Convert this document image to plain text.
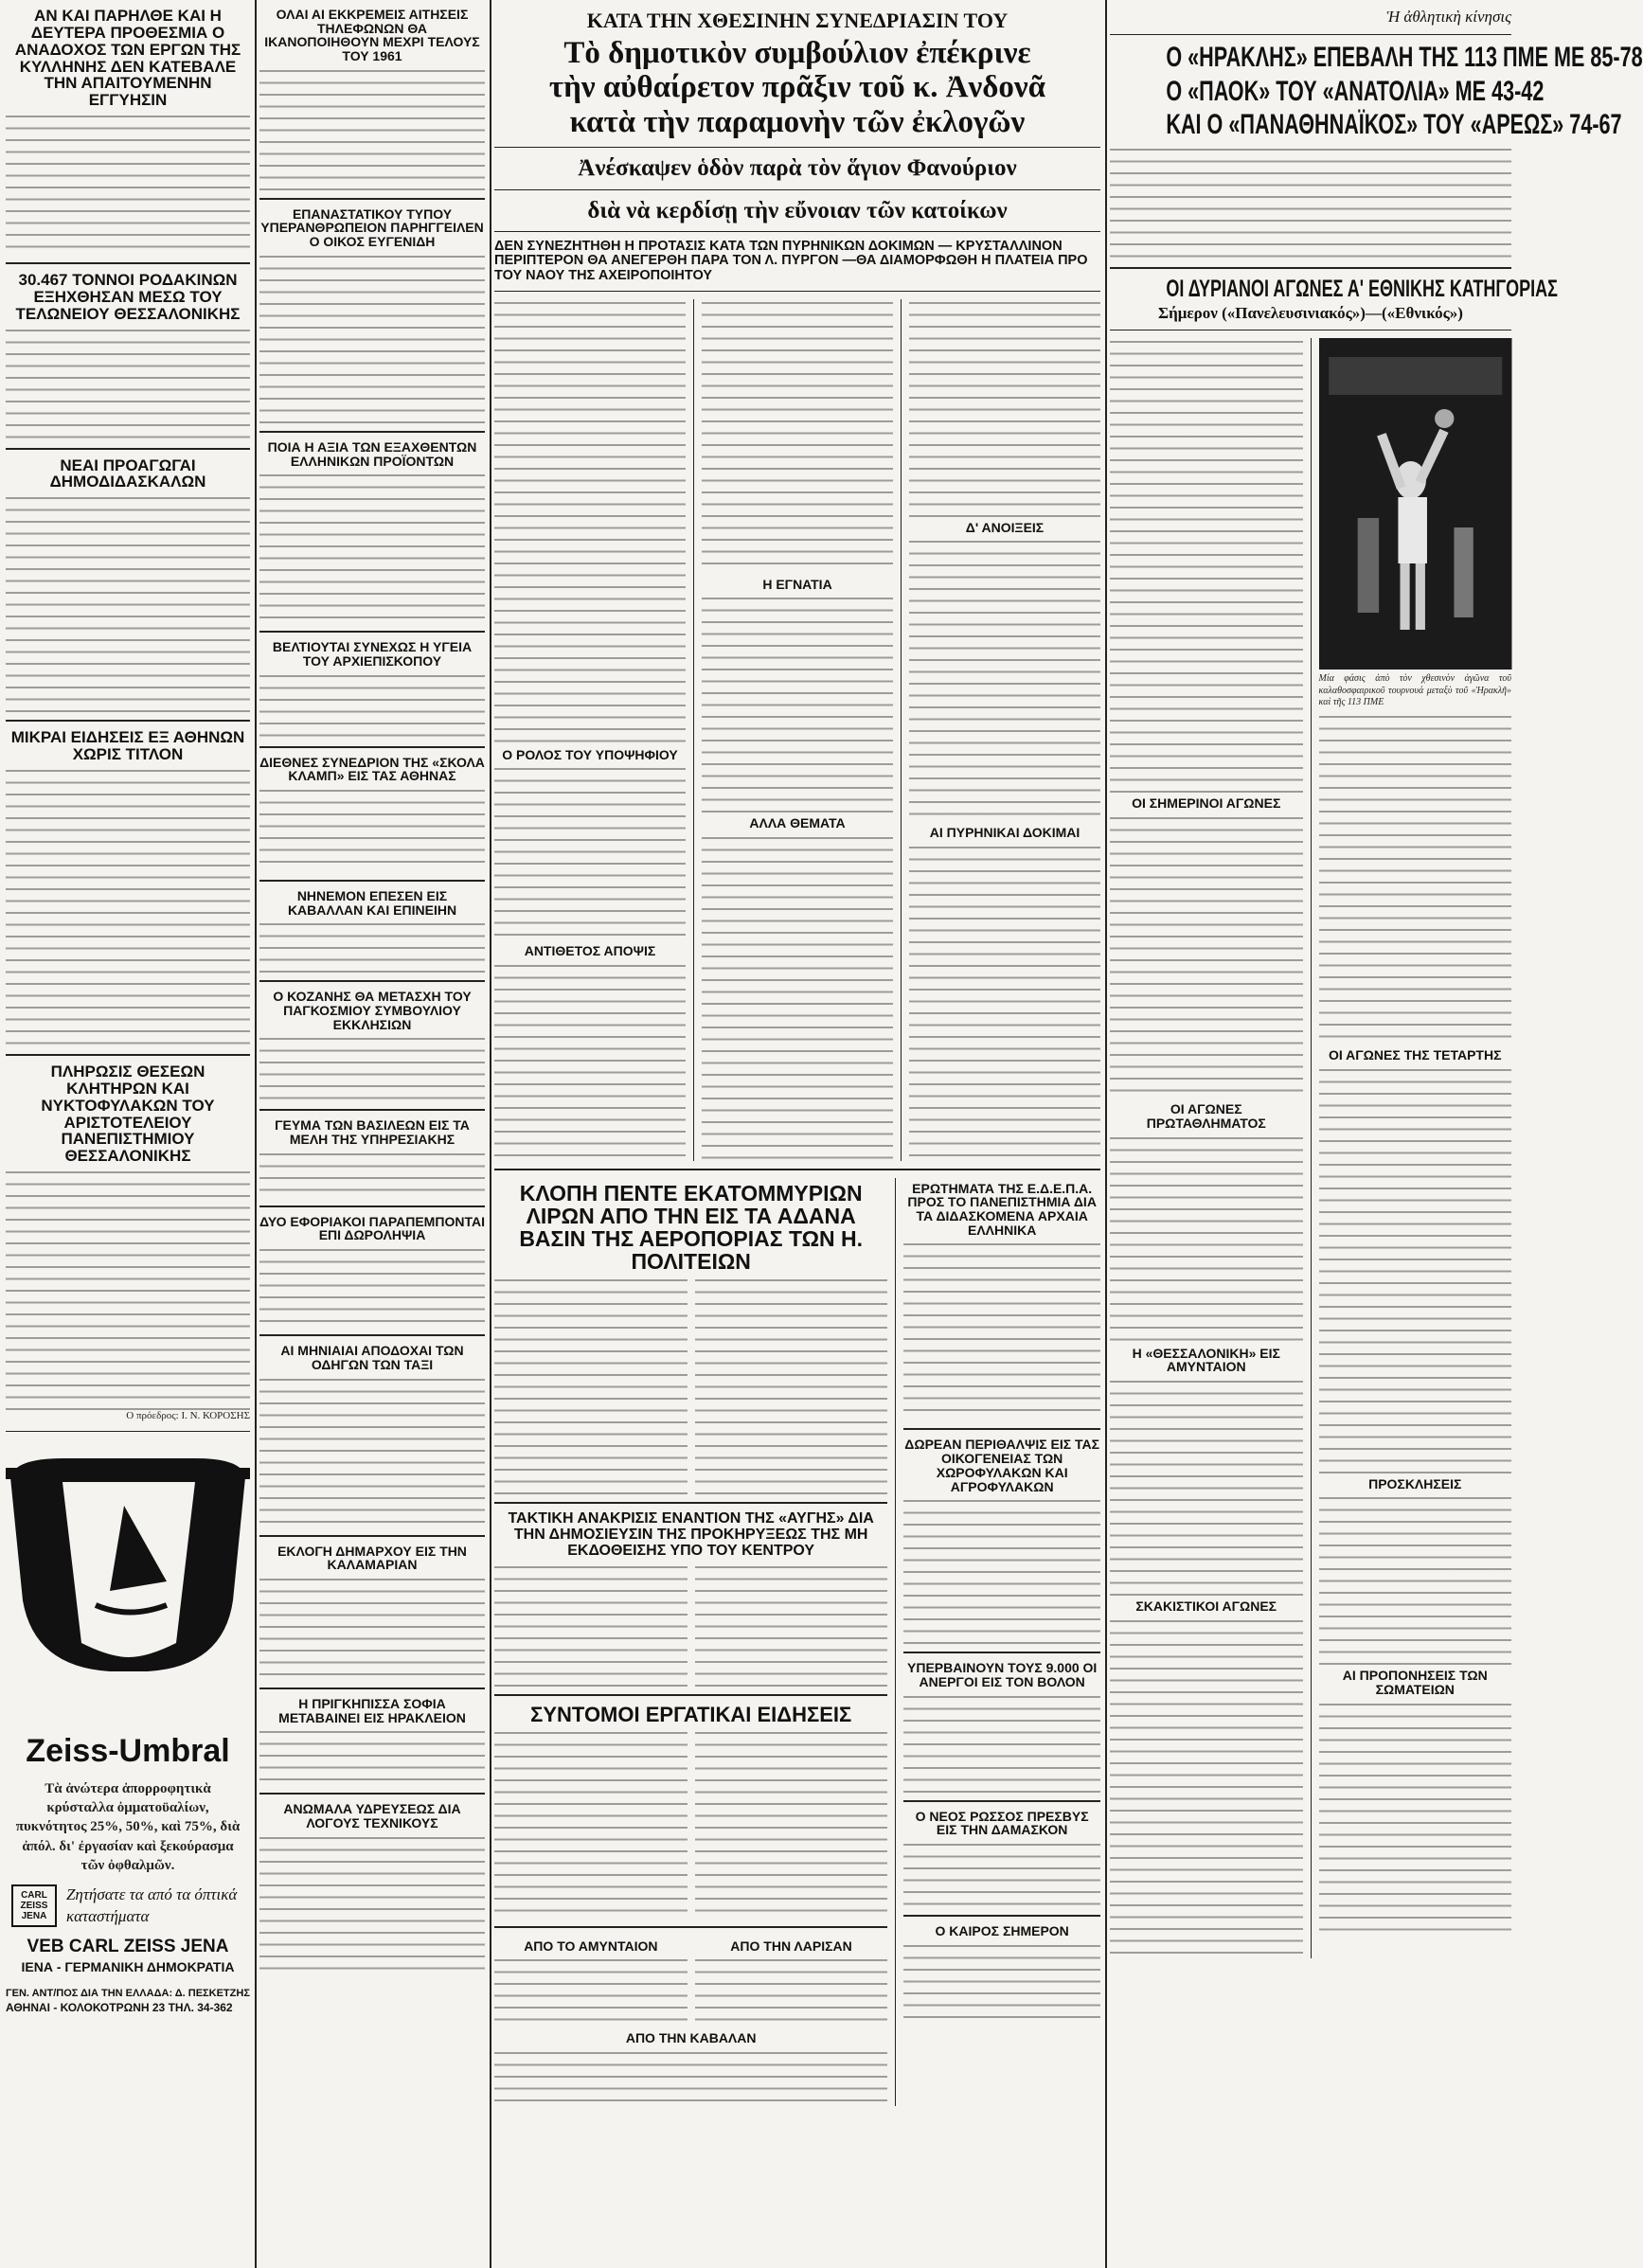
ΑΝ ΚΑΙ ΠΑΡΗΛΘΕ ΚΑΙ Η ΔΕΥΤΕΡΑ ΠΡΟΘΕΣΜΙΑ Ο ΑΝΑΔΟΧΟΣ ΤΩΝ ΕΡΓΩΝ ΤΗΣ ΚΥΛΛΗΝΗΣ ΔΕΝ ΚΑΤΕΒΑΛΕ ΤΗΝ ΑΠΑΙΤΟΥΜΕΝΗΝ ΕΓΓΥΗΣΙΝ
30.467 ΤΟΝΝΟΙ ΡΟΔΑΚΙΝΩΝ ΕΞΗΧΘΗΣΑΝ ΜΕΣΩ ΤΟΥ ΤΕΛΩΝΕΙΟΥ ΘΕΣΣΑΛΟΝΙΚΗΣ
ΝΕΑΙ ΠΡΟΑΓΩΓΑΙ ΔΗΜΟΔΙΔΑΣΚΑΛΩΝ
ΜΙΚΡΑΙ ΕΙΔΗΣΕΙΣ ΕΞ ΑΘΗΝΩΝ ΧΩΡΙΣ ΤΙΤΛΟΝ
ΠΛΗΡΩΣΙΣ ΘΕΣΕΩΝ ΚΛΗΤΗΡΩΝ ΚΑΙ ΝΥΚΤΟΦΥΛΑΚΩΝ ΤΟΥ ΑΡΙΣΤΟΤΕΛΕΙΟΥ ΠΑΝΕΠΙΣΤΗΜΙΟΥ ΘΕΣΣΑΛΟΝΙΚΗΣ
Ο πρόεδρος: Ι. Ν. ΚΟΡΟΣΗΣ
Zeiss-Umbral
Τὰ ἀνώτερα ἀπορροφητικὰ κρύσταλλα ὀμματοϋαλίων, πυκνότητος 25%, 50%, καὶ 75%, διὰ ἀπόλ. δι' ἐργασίαν καὶ ξεκούρασμα τῶν ὀφθαλμῶν.
CARL ZEISS JENA
Ζητήσατε τα από τα όπτικά καταστήματα
VEB CARL ZEISS JENA
ΙΕΝΑ - ΓΕΡΜΑΝΙΚΗ ΔΗΜΟΚΡΑΤΙΑ
ΓΕΝ. ΑΝΤ/ΠΟΣ ΔΙΑ ΤΗΝ ΕΛΛΑΔΑ: Δ. ΠΕΣΚΕΤΖΗΣ
ΑΘΗΝΑΙ - ΚΟΛΟΚΟΤΡΩΝΗ 23 ΤΗΛ. 34-362
ΟΛΑΙ ΑΙ ΕΚΚΡΕΜΕΙΣ ΑΙΤΗΣΕΙΣ ΤΗΛΕΦΩΝΩΝ ΘΑ ΙΚΑΝΟΠΟΙΗΘΟΥΝ ΜΕΧΡΙ ΤΕΛΟΥΣ ΤΟΥ 1961
ΕΠΑΝΑΣΤΑΤΙΚΟΥ ΤΥΠΟΥ ΥΠΕΡΑΝΘΡΩΠΕΙΟΝ ΠΑΡΗΓΓΕΙΛΕΝ Ο ΟΙΚΟΣ ΕΥΓΕΝΙΔΗ
ΠΟΙΑ Η ΑΞΙΑ ΤΩΝ ΕΞΑΧΘΕΝΤΩΝ ΕΛΛΗΝΙΚΩΝ ΠΡΟΪΟΝΤΩΝ
ΒΕΛΤΙΟΥΤΑΙ ΣΥΝΕΧΩΣ Η ΥΓΕΙΑ ΤΟΥ ΑΡΧΙΕΠΙΣΚΟΠΟΥ
ΔΙΕΘΝΕΣ ΣΥΝΕΔΡΙΟΝ ΤΗΣ «ΣΚΟΛΑ ΚΛΑΜΠ» ΕΙΣ ΤΑΣ ΑΘΗΝΑΣ
ΝΗΝΕΜΟΝ ΕΠΕΣΕΝ ΕΙΣ ΚΑΒΑΛΛΑΝ ΚΑΙ ΕΠΙΝΕΙΗΝ
Ο ΚΟΖΑΝΗΣ ΘΑ ΜΕΤΑΣΧΗ ΤΟΥ ΠΑΓΚΟΣΜΙΟΥ ΣΥΜΒΟΥΛΙΟΥ ΕΚΚΛΗΣΙΩΝ
ΓΕΥΜΑ ΤΩΝ ΒΑΣΙΛΕΩΝ ΕΙΣ ΤΑ ΜΕΛΗ ΤΗΣ ΥΠΗΡΕΣΙΑΚΗΣ
ΔΥΟ ΕΦΟΡΙΑΚΟΙ ΠΑΡΑΠΕΜΠΟΝΤΑΙ ΕΠΙ ΔΩΡΟΛΗΨΙΑ
ΑΙ ΜΗΝΙΑΙΑΙ ΑΠΟΔΟΧΑΙ ΤΩΝ ΟΔΗΓΩΝ ΤΩΝ ΤΑΞΙ
ΕΚΛΟΓΗ ΔΗΜΑΡΧΟΥ ΕΙΣ ΤΗΝ ΚΑΛΑΜΑΡΙΑΝ
Η ΠΡΙΓΚΗΠΙΣΣΑ ΣΟΦΙΑ ΜΕΤΑΒΑΙΝΕΙ ΕΙΣ ΗΡΑΚΛΕΙΟΝ
ΑΝΩΜΑΛΑ ΥΔΡΕΥΣΕΩΣ ΔΙΑ ΛΟΓΟΥΣ ΤΕΧΝΙΚΟΥΣ
ΚΑΤΑ ΤΗΝ ΧΘΕΣΙΝΗΝ ΣΥΝΕΔΡΙΑΣΙΝ ΤΟΥ
Τὸ δημοτικὸν συμβούλιον ἐπέκρινε
τὴν αὐθαίρετον πρᾶξιν τοῦ κ. Ἀνδονᾶ
κατὰ τὴν παραμονὴν τῶν ἐκλογῶν
Ἀνέσκαψεν ὁδὸν παρὰ τὸν ἅγιον Φανούριον
διὰ νὰ κερδίσῃ τὴν εὔνοιαν τῶν κατοίκων
ΔΕΝ ΣΥΝΕΖΗΤΗΘΗ Η ΠΡΟΤΑΣΙΣ ΚΑΤΑ ΤΩΝ ΠΥΡΗΝΙΚΩΝ ΔΟΚΙΜΩΝ — ΚΡΥΣΤΑΛΛΙΝΟΝ ΠΕΡΙΠΤΕΡΟΝ ΘΑ ΑΝΕΓΕΡΘΗ ΠΑΡΑ ΤΟΝ Λ. ΠΥΡΓΟΝ —ΘΑ ΔΙΑΜΟΡΦΩΘΗ Η ΠΛΑΤΕΙΑ ΠΡΟ ΤΟΥ ΝΑΟΥ ΤΗΣ ΑΧΕΙΡΟΠΟΙΗΤΟΥ
Ο ΡΟΛΟΣ ΤΟΥ ΥΠΟΨΗΦΙΟΥ
ΑΝΤΙΘΕΤΟΣ ΑΠΟΨΙΣ
Η ΕΓΝΑΤΙΑ
ΑΛΛΑ ΘΕΜΑΤΑ
Δ' ΑΝΟΙΞΕΙΣ
ΑΙ ΠΥΡΗΝΙΚΑΙ ΔΟΚΙΜΑΙ
ΚΛΟΠΗ ΠΕΝΤΕ ΕΚΑΤΟΜΜΥΡΙΩΝ ΛΙΡΩΝ ΑΠΟ ΤΗΝ ΕΙΣ ΤΑ ΑΔΑΝΑ ΒΑΣΙΝ ΤΗΣ ΑΕΡΟΠΟΡΙΑΣ ΤΩΝ Η. ΠΟΛΙΤΕΙΩΝ
ΤΑΚΤΙΚΗ ΑΝΑΚΡΙΣΙΣ ΕΝΑΝΤΙΟΝ ΤΗΣ «ΑΥΓΗΣ» ΔΙΑ ΤΗΝ ΔΗΜΟΣΙΕΥΣΙΝ ΤΗΣ ΠΡΟΚΗΡΥΞΕΩΣ ΤΗΣ ΜΗ ΕΚΔΟΘΕΙΣΗΣ ΥΠΟ ΤΟΥ ΚΕΝΤΡΟΥ
ΣΥΝΤΟΜΟΙ ΕΡΓΑΤΙΚΑΙ ΕΙΔΗΣΕΙΣ
ΑΠΟ ΤΟ ΑΜΥΝΤΑΙΟΝ	ΑΠΟ ΤΗΝ ΛΑΡΙΣΑΝ
ΑΠΟ ΤΗΝ ΚΑΒΑΛΑΝ
ΕΡΩΤΗΜΑΤΑ ΤΗΣ Ε.Δ.Ε.Π.Α. ΠΡΟΣ ΤΟ ΠΑΝΕΠΙΣΤΗΜΙΑ ΔΙΑ ΤΑ ΔΙΔΑΣΚΟΜΕΝΑ ΑΡΧΑΙΑ ΕΛΛΗΝΙΚΑ
ΔΩΡΕΑΝ ΠΕΡΙΘΑΛΨΙΣ ΕΙΣ ΤΑΣ ΟΙΚΟΓΕΝΕΙΑΣ ΤΩΝ ΧΩΡΟΦΥΛΑΚΩΝ ΚΑΙ ΑΓΡΟΦΥΛΑΚΩΝ
ΥΠΕΡΒΑΙΝΟΥΝ ΤΟΥΣ 9.000 ΟΙ ΑΝΕΡΓΟΙ ΕΙΣ ΤΟΝ ΒΟΛΟΝ
Ο ΝΕΟΣ ΡΩΣΣΟΣ ΠΡΕΣΒΥΣ ΕΙΣ ΤΗΝ ΔΑΜΑΣΚΟΝ
Ο ΚΑΙΡΟΣ ΣΗΜΕΡΟΝ
Ἡ ἀθλητικὴ κίνησις
Ο «ΗΡΑΚΛΗΣ» ΕΠΕΒΑΛΗ ΤΗΣ 113 ΠΜΕ ΜΕ 85-78
Ο «ΠΑΟΚ» ΤΟΥ «ΑΝΑΤΟΛΙΑ» ΜΕ 43-42
ΚΑΙ Ο «ΠΑΝΑΘΗΝΑΪΚΟΣ» ΤΟΥ «ΑΡΕΩΣ» 74-67
ΟΙ ΔΥΡΙΑΝΟΙ ΑΓΩΝΕΣ Α' ΕΘΝΙΚΗΣ ΚΑΤΗΓΟΡΙΑΣ
Σήμερον («Πανελευσινιακός»)—(«Εθνικός»)
ΟΙ ΣΗΜΕΡΙΝΟΙ ΑΓΩΝΕΣ
ΟΙ ΑΓΩΝΕΣ ΠΡΩΤΑΘΛΗΜΑΤΟΣ
Η «ΘΕΣΣΑΛΟΝΙΚΗ» ΕΙΣ ΑΜΥΝΤΑΙΟΝ
ΣΚΑΚΙΣΤΙΚΟΙ ΑΓΩΝΕΣ
Μία φάσις ἀπὸ τὸν χθεσινὸν ἀγῶνα τοῦ καλαθοσφαιρικοῦ τουρνουά μεταξὺ τοῦ «Ἡρακλῆ» καὶ τῆς 113 ΠΜΕ
ΟΙ ΑΓΩΝΕΣ ΤΗΣ ΤΕΤΑΡΤΗΣ
ΠΡΟΣΚΛΗΣΕΙΣ
ΑΙ ΠΡΟΠΟΝΗΣΕΙΣ ΤΩΝ ΣΩΜΑΤΕΙΩΝ
